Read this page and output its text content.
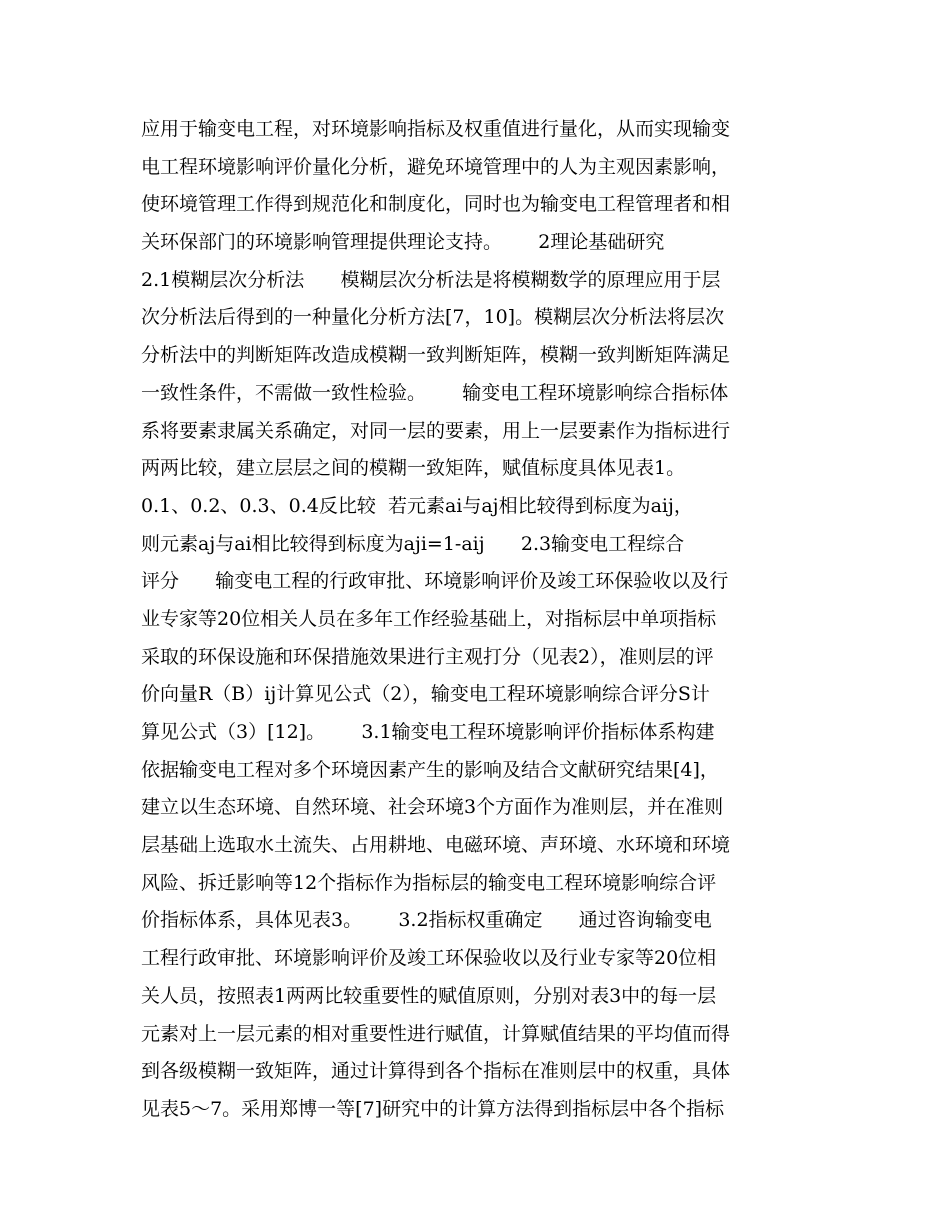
应用于输变电工程，对环境影响指标及权重值进行量化，从而实现输变
电工程环境影响评价量化分析，避免环境管理中的人为主观因素影响，
使环境管理工作得到规范化和制度化，同时也为输变电工程管理者和相
关环保部门的环境影响管理提供理论支持。      2理论基础研究
2.1模糊层次分析法      模糊层次分析法是将模糊数学的原理应用于层
次分析法后得到的一种量化分析方法[7，10]。模糊层次分析法将层次
分析法中的判断矩阵改造成模糊一致判断矩阵，模糊一致判断矩阵满足
一致性条件，不需做一致性检验。      输变电工程环境影响综合指标体
系将要素隶属关系确定，对同一层的要素，用上一层要素作为指标进行
两两比较，建立层层之间的模糊一致矩阵，赋值标度具体见表1。
0.1、0.2、0.3、0.4反比较  若元素ai与aj相比较得到标度为aij，
则元素aj与ai相比较得到标度为aji=1-aij      2.3输变电工程综合
评分      输变电工程的行政审批、环境影响评价及竣工环保验收以及行
业专家等20位相关人员在多年工作经验基础上，对指标层中单项指标
采取的环保设施和环保措施效果进行主观打分（见表2），准则层的评
价向量R（B）ij计算见公式（2），输变电工程环境影响综合评分S计
算见公式（3）[12]。      3.1输变电工程环境影响评价指标体系构建
依据输变电工程对多个环境因素产生的影响及结合文献研究结果[4]，
建立以生态环境、自然环境、社会环境3个方面作为准则层，并在准则
层基础上选取水土流失、占用耕地、电磁环境、声环境、水环境和环境
风险、拆迁影响等12个指标作为指标层的输变电工程环境影响综合评
价指标体系，具体见表3。      3.2指标权重确定      通过咨询输变电
工程行政审批、环境影响评价及竣工环保验收以及行业专家等20位相
关人员，按照表1两两比较重要性的赋值原则，分别对表3中的每一层
元素对上一层元素的相对重要性进行赋值，计算赋值结果的平均值而得
到各级模糊一致矩阵，通过计算得到各个指标在准则层中的权重，具体
见表5～7。采用郑博一等[7]研究中的计算方法得到指标层中各个指标
